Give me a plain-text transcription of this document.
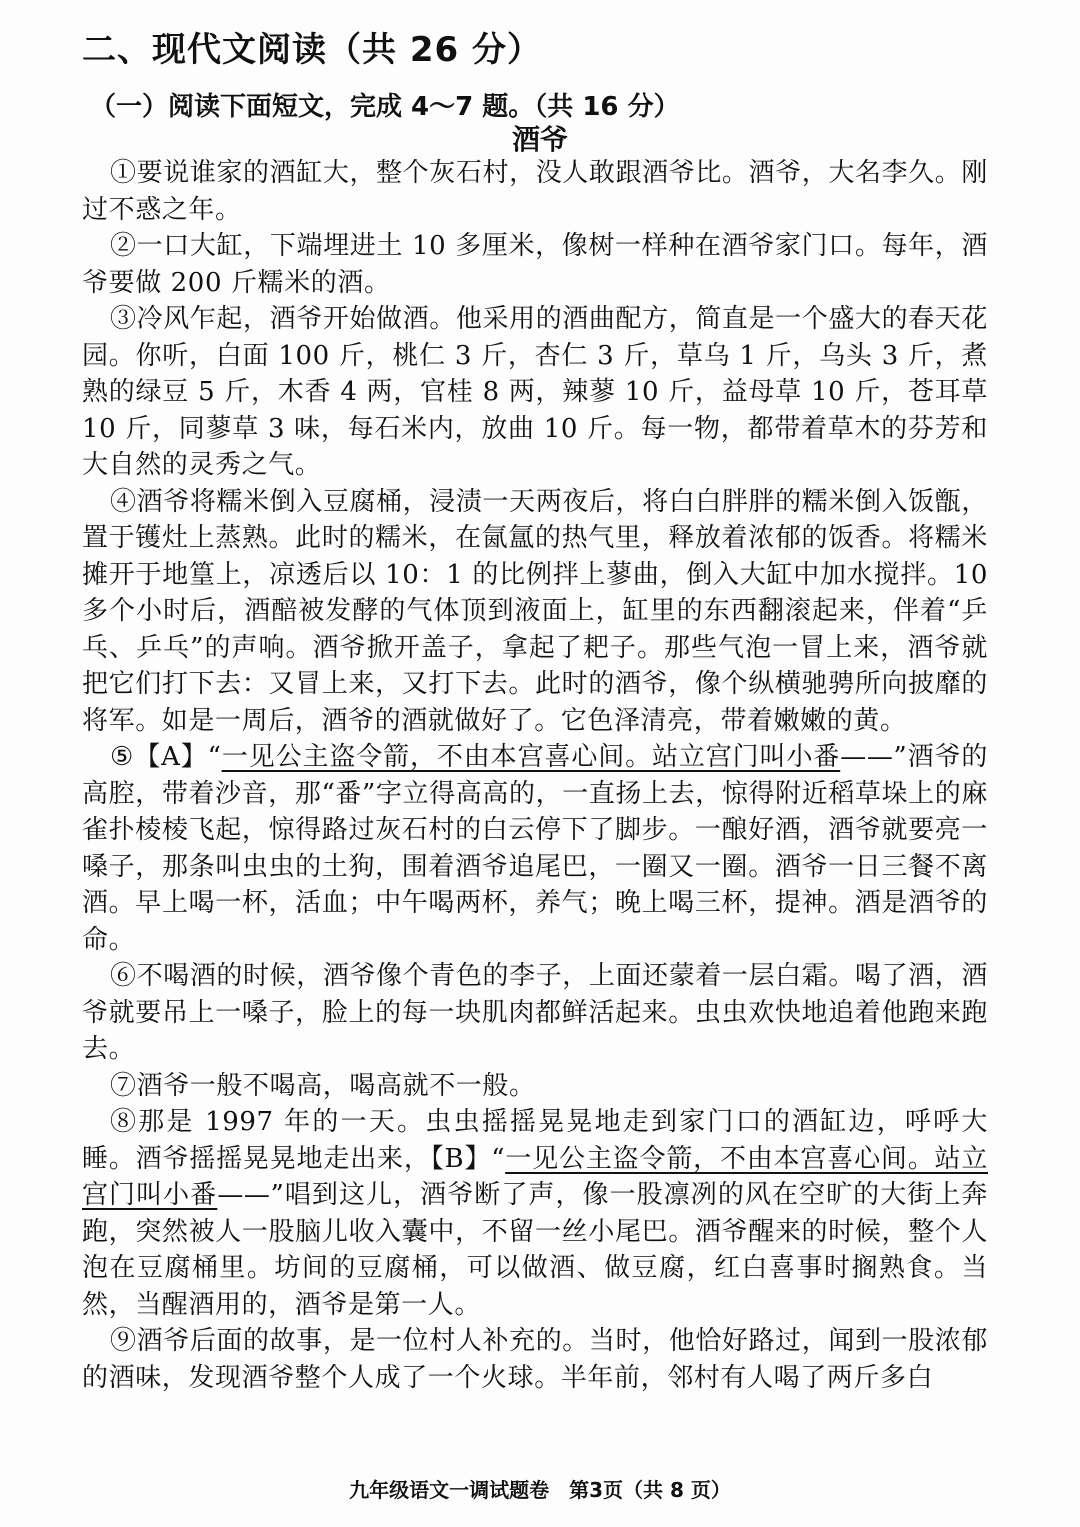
二、现代文阅读（共 26 分）
（一）阅读下面短文，完成 4～7 题。（共 16 分）
酒爷

①要说谁家的酒缸大，整个灰石村，没人敢跟酒爷比。酒爷，大名李久。刚过不惑之年。

②一口大缸，下端埋进土 10 多厘米，像树一样种在酒爷家门口。每年，酒爷要做 200 斤糯米的酒。

③冷风乍起，酒爷开始做酒。他采用的酒曲配方，简直是一个盛大的春天花园。你听，白面 100 斤，桃仁 3 斤，杏仁 3 斤，草乌 1 斤，乌头 3 斤，煮熟的绿豆 5 斤，木香 4 两，官桂 8 两，辣蓼 10 斤，益母草 10 斤，苍耳草 10 斤，同蓼草 3 味，每石米内，放曲 10 斤。每一物，都带着草木的芬芳和大自然的灵秀之气。

④酒爷将糯米倒入豆腐桶，浸渍一天两夜后，将白白胖胖的糯米倒入饭甑，置于镬灶上蒸熟。此时的糯米，在氤氲的热气里，释放着浓郁的饭香。将糯米摊开于地篁上，凉透后以 10：1 的比例拌上蓼曲，倒入大缸中加水搅拌。10 多个小时后，酒醅被发酵的气体顶到液面上，缸里的东西翻滚起来，伴着“乒乓、乒乓”的声响。酒爷掀开盖子，拿起了耙子。那些气泡一冒上来，酒爷就把它们打下去：又冒上来，又打下去。此时的酒爷，像个纵横驰骋所向披靡的将军。如是一周后，酒爷的酒就做好了。它色泽清亮，带着嫩嫩的黄。

⑤【A】“一见公主盗令箭，不由本宫喜心间。站立宫门叫小番——”酒爷的高腔，带着沙音，那“番”字立得高高的，一直扬上去，惊得附近稻草垛上的麻雀扑棱棱飞起，惊得路过灰石村的白云停下了脚步。一酿好酒，酒爷就要亮一嗓子，那条叫虫虫的土狗，围着酒爷追尾巴，一圈又一圈。酒爷一日三餐不离酒。早上喝一杯，活血；中午喝两杯，养气；晚上喝三杯，提神。酒是酒爷的命。

⑥不喝酒的时候，酒爷像个青色的李子，上面还蒙着一层白霜。喝了酒，酒爷就要吊上一嗓子，脸上的每一块肌肉都鲜活起来。虫虫欢快地追着他跑来跑去。

⑦酒爷一般不喝高，喝高就不一般。

⑧那是 1997 年的一天。虫虫摇摇晃晃地走到家门口的酒缸边，呼呼大睡。酒爷摇摇晃晃地走出来，【B】“一见公主盗令箭，不由本宫喜心间。站立宫门叫小番——”唱到这儿，酒爷断了声，像一股凛冽的风在空旷的大街上奔跑，突然被人一股脑儿收入囊中，不留一丝小尾巴。酒爷醒来的时候，整个人泡在豆腐桶里。坊间的豆腐桶，可以做酒、做豆腐，红白喜事时搁熟食。当然，当醒酒用的，酒爷是第一人。

⑨酒爷后面的故事，是一位村人补充的。当时，他恰好路过，闻到一股浓郁的酒味，发现酒爷整个人成了一个火球。半年前，邻村有人喝了两斤多白

九年级语文一调试题卷　第3页（共 8 页）
